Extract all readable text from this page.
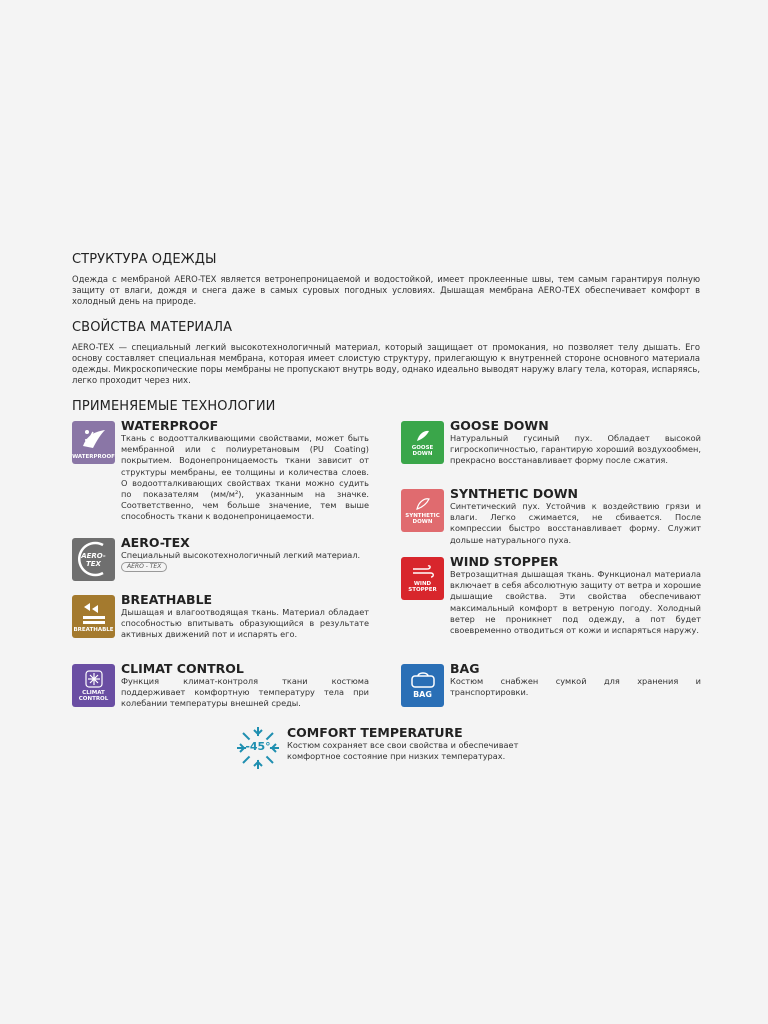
СТРУКТУРА ОДЕЖДЫ

Одежда с мембраной AERO-TEX является ветронепроницаемой и водостойкой, имеет проклеенные швы, тем самым гарантируя полную защиту от влаги, дождя и снега даже в самых суровых погодных условиях. Дышащая мембрана AERO-TEX обеспечивает комфорт в холодный день на природе.

СВОЙСТВА МАТЕРИАЛА

AERO-TEX — специальный легкий высокотехнологичный материал, который защищает от промокания, но позволяет телу дышать. Его основу составляет специальная мембрана, которая имеет слоистую структуру, прилегающую к внутренней стороне основного материала одежды. Микроскопические поры мембраны не пропускают внутрь воду, однако идеально выводят наружу влагу тела, которая, испаряясь, легко проходит через них.

ПРИМЕНЯЕМЫЕ ТЕХНОЛОГИИ
WATERPROOF
WATERPROOF

Ткань с водоотталкивающими свойствами, может быть мембранной или с полиуретановым (PU Coating) покрытием. Водонепроницаемость ткани зависит от структуры мембраны, ее толщины и количества слоев. О водоотталкивающих свойствах ткани можно судить по показателям (мм/м²), указанным на значке. Соответственно, чем больше значение, тем выше способность ткани к водонепроницаемости.

AERO-
TEX
AERO-TEX

Специальный высокотехнологичный легкий материал. AERO - TEX

BREATHABLE
BREATHABLE

Дышащая и влагоотводящая ткань. Материал обладает способностью впитывать образующийся в результате активных движений пот и испарять его.

CLIMAT
CONTROL
CLIMAT CONTROL

Функция климат-контроля ткани костюма поддерживает комфортную температуру тела при колебании температуры внешней среды.

GOOSE
DOWN
GOOSE DOWN

Натуральный гусиный пух. Обладает высокой гигроскопичностью, гарантирую хороший воздухообмен, прекрасно восстанавливает форму после сжатия.

SYNTHETIC
DOWN
SYNTHETIC DOWN

Синтетический пух. Устойчив к воздействию грязи и влаги. Легко сжимается, не сбивается. После компрессии быстро восстанавливает форму. Служит дольше натурального пуха.

WIND
STOPPER
WIND STOPPER

Ветрозащитная дышащая ткань. Функционал материала включает в себя абсолютную защиту от ветра и хорошие дышащие свойства. Эти свойства обеспечивают максимальный комфорт в ветреную погоду. Холодный ветер не проникнет под одежду, а пот будет своевременно отводиться от кожи и испаряться наружу.

BAG
BAG

Костюм снабжен сумкой для хранения и транспортировки.

-45°
COMFORT TEMPERATURE

Костюм сохраняет все свои свойства и обеспечивает комфортное состояние при низких температурах.
